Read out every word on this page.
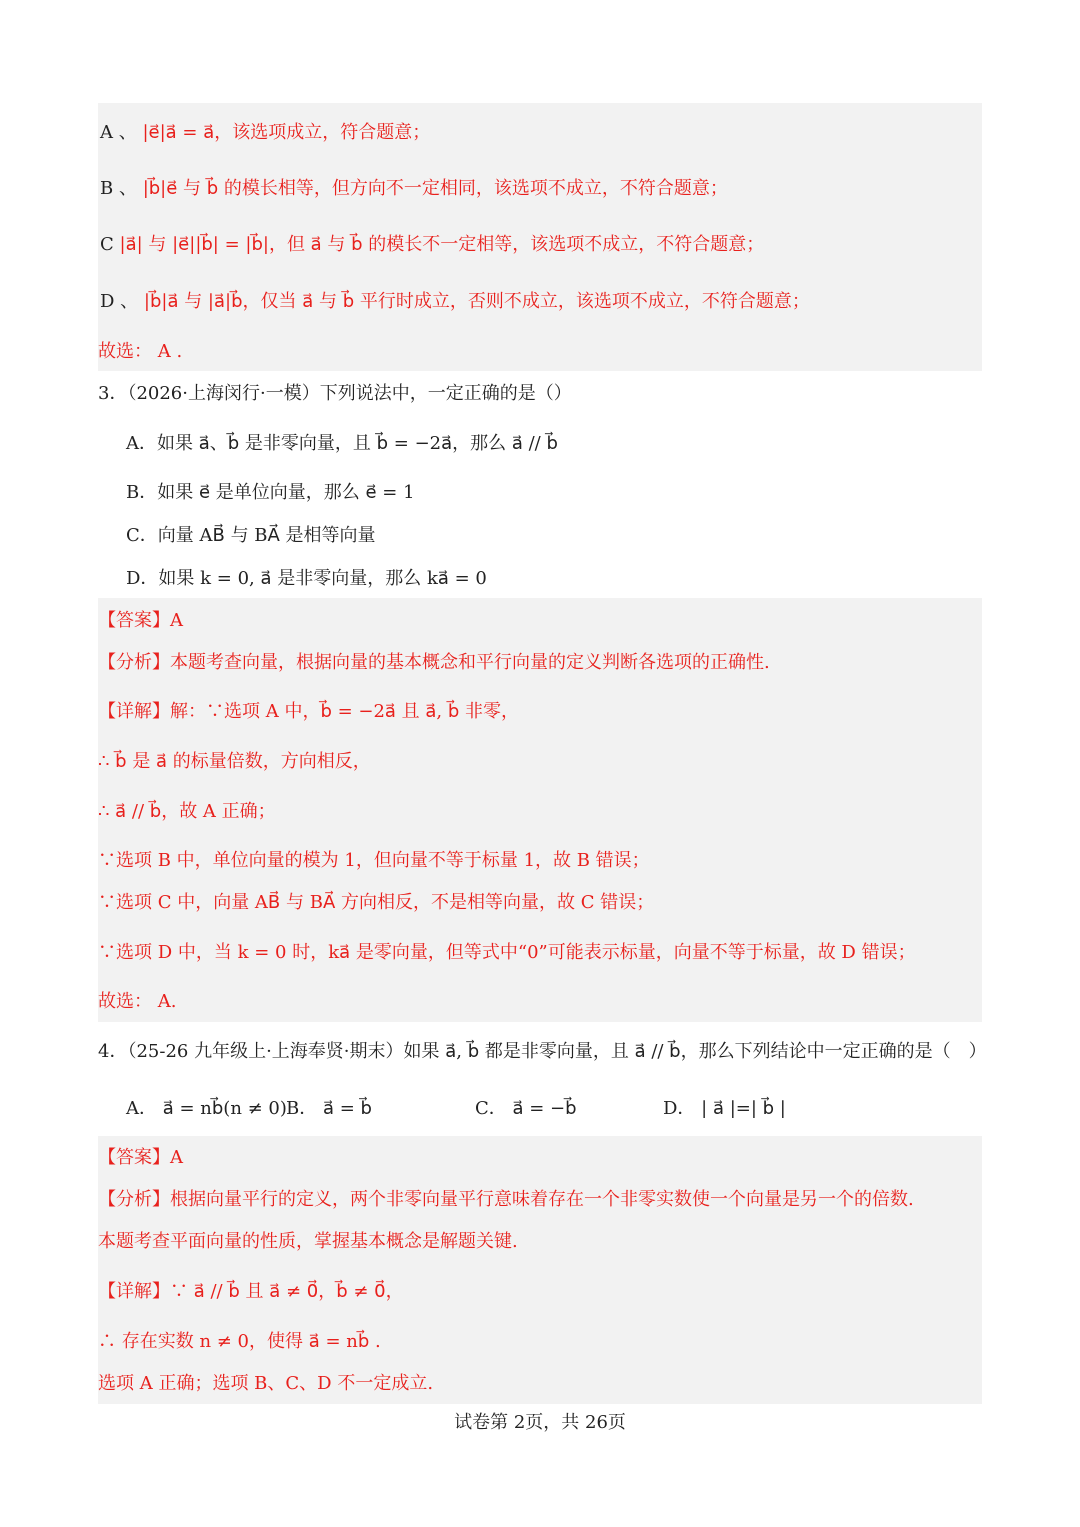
A 、 |e⃗|a⃗ = a⃗，该选项成立，符合题意；
B 、 |b⃗|e⃗ 与 b⃗ 的模长相等，但方向不一定相同，该选项不成立，不符合题意；
C |a⃗| 与 |e⃗||b⃗| = |b⃗|，但 a⃗ 与 b⃗ 的模长不一定相等，该选项不成立，不符合题意；
D 、 |b⃗|a⃗ 与 |a⃗|b⃗，仅当 a⃗ 与 b⃗ 平行时成立，否则不成立，该选项不成立，不符合题意；
故选： A .
3．（2026·上海闵行·一模）下列说法中，一定正确的是（）
A．如果 a⃗、b⃗ 是非零向量，且 b⃗ = −2a⃗，那么 a⃗ // b⃗
B．如果 e⃗ 是单位向量，那么 e⃗ = 1
C．向量 AB⃗ 与 BA⃗ 是相等向量
D．如果 k = 0, a⃗ 是非零向量，那么 ka⃗ = 0
【答案】A
【分析】本题考查向量，根据向量的基本概念和平行向量的定义判断各选项的正确性.
【详解】解：∵选项 A 中，b⃗ = −2a⃗ 且 a⃗, b⃗ 非零，
∴ b⃗ 是 a⃗ 的标量倍数，方向相反，
∴ a⃗ // b⃗，故 A 正确；
∵选项 B 中，单位向量的模为 1，但向量不等于标量 1，故 B 错误；
∵选项 C 中，向量 AB⃗ 与 BA⃗ 方向相反，不是相等向量，故 C 错误；
∵选项 D 中，当 k = 0 时，ka⃗ 是零向量，但等式中“0”可能表示标量，向量不等于标量，故 D 错误；
故选： A.
4．（25-26 九年级上·上海奉贤·期末）如果 a⃗, b⃗ 都是非零向量，且 a⃗ // b⃗，那么下列结论中一定正确的是（　）
A． a⃗ = nb⃗(n ≠ 0) B． a⃗ = b⃗	C． a⃗ = −b⃗	D． | a⃗ |=| b⃗ |
【答案】A
【分析】根据向量平行的定义，两个非零向量平行意味着存在一个非零实数使一个向量是另一个的倍数.
本题考查平面向量的性质，掌握基本概念是解题关键.
【详解】∵ a⃗ // b⃗ 且 a⃗ ≠ 0⃗，b⃗ ≠ 0⃗，
∴ 存在实数 n ≠ 0，使得 a⃗ = nb⃗ .
选项 A 正确；选项 B、C、D 不一定成立.
试卷第 2页，共 26页
